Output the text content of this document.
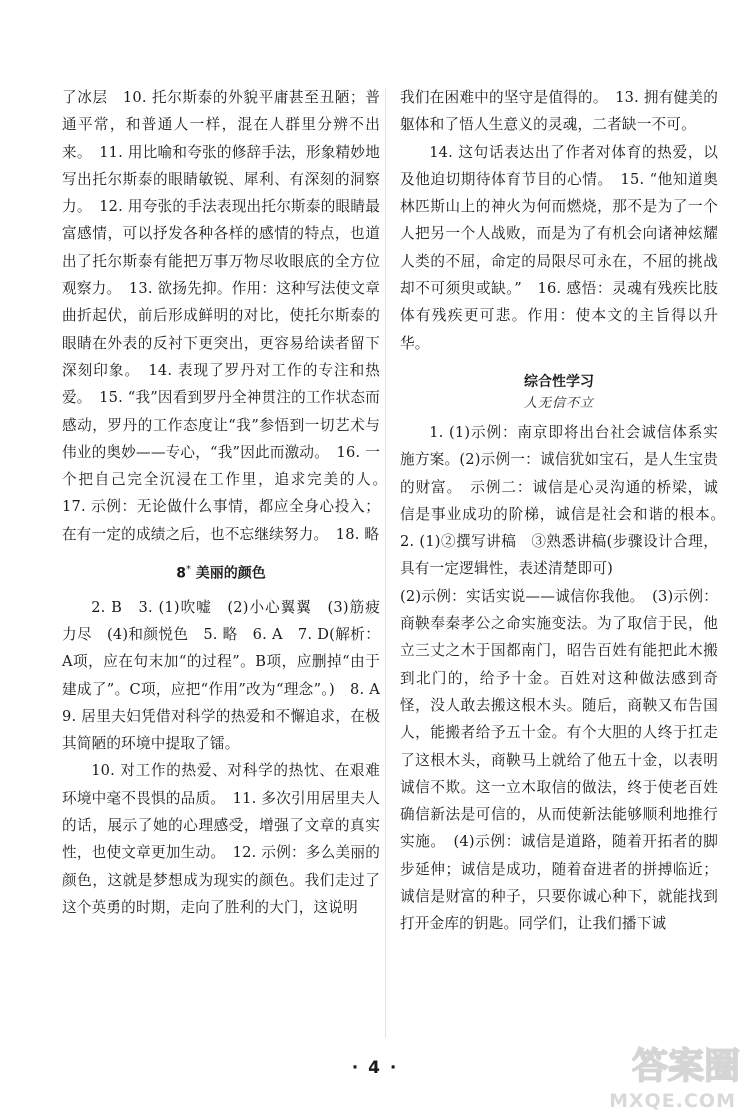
了冰层　10. 托尔斯泰的外貌平庸甚至丑陋；普通平常，和普通人一样，混在人群里分辨不出来。　11. 用比喻和夸张的修辞手法，形象精妙地写出托尔斯泰的眼睛敏锐、犀利、有深刻的洞察力。　12. 用夸张的手法表现出托尔斯泰的眼睛最富感情，可以抒发各种各样的感情的特点，也道出了托尔斯泰有能把万事万物尽收眼底的全方位观察力。　13. 欲扬先抑。作用：这种写法使文章曲折起伏，前后形成鲜明的对比，使托尔斯泰的眼睛在外表的反衬下更突出，更容易给读者留下深刻印象。　14. 表现了罗丹对工作的专注和热爱。　15. “我”因看到罗丹全神贯注的工作状态而感动，罗丹的工作态度让“我”参悟到一切艺术与伟业的奥妙——专心，“我”因此而激动。　16. 一个把自己完全沉浸在工作里，追求完美的人。　17. 示例：无论做什么事情，都应全身心投入；在有一定的成绩之后，也不忘继续努力。　18. 略

8* 美丽的颜色

2. B　3. (1)吹嘘　(2)小心翼翼　(3)筋疲力尽　(4)和颜悦色　5. 略　6. A　7. D(解析：A项，应在句末加“的过程”。B项，应删掉“由于建成了”。C项，应把“作用”改为“理念”。)　8. A　9. 居里夫妇凭借对科学的热爱和不懈追求，在极其简陋的环境中提取了镭。

10. 对工作的热爱、对科学的热忱、在艰难环境中毫不畏惧的品质。　11. 多次引用居里夫人的话，展示了她的心理感受，增强了文章的真实性，也使文章更加生动。　12. 示例：多么美丽的颜色，这就是梦想成为现实的颜色。我们走过了这个英勇的时期，走向了胜利的大门，这说明

我们在困难中的坚守是值得的。　13. 拥有健美的躯体和了悟人生意义的灵魂，二者缺一不可。

14. 这句话表达出了作者对体育的热爱，以及他迫切期待体育节目的心情。　15. “他知道奥林匹斯山上的神火为何而燃烧，那不是为了一个人把另一个人战败，而是为了有机会向诸神炫耀人类的不屈，命定的局限尽可永在，不屈的挑战却不可须臾或缺。”　16. 感悟：灵魂有残疾比肢体有残疾更可悲。作用：使本文的主旨得以升华。

综合性学习

人无信不立

1. (1)示例：南京即将出台社会诚信体系实施方案。(2)示例一：诚信犹如宝石，是人生宝贵的财富。　示例二：诚信是心灵沟通的桥梁，诚信是事业成功的阶梯，诚信是社会和谐的根本。　2. (1)②撰写讲稿　③熟悉讲稿(步骤设计合理，具有一定逻辑性，表述清楚即可)

(2)示例：实话实说——诚信你我他。　(3)示例：商鞅奉秦孝公之命实施变法。为了取信于民，他立三丈之木于国都南门，昭告百姓有能把此木搬到北门的，给予十金。百姓对这种做法感到奇怪，没人敢去搬这根木头。随后，商鞅又布告国人，能搬者给予五十金。有个大胆的人终于扛走了这根木头，商鞅马上就给了他五十金，以表明诚信不欺。这一立木取信的做法，终于使老百姓确信新法是可信的，从而使新法能够顺利地推行实施。　(4)示例：诚信是道路，随着开拓者的脚步延伸；诚信是成功，随着奋进者的拼搏临近；诚信是财富的种子，只要你诚心种下，就能找到打开金库的钥匙。同学们，让我们播下诚

· 4 ·	答案圈
MXQE.COM
